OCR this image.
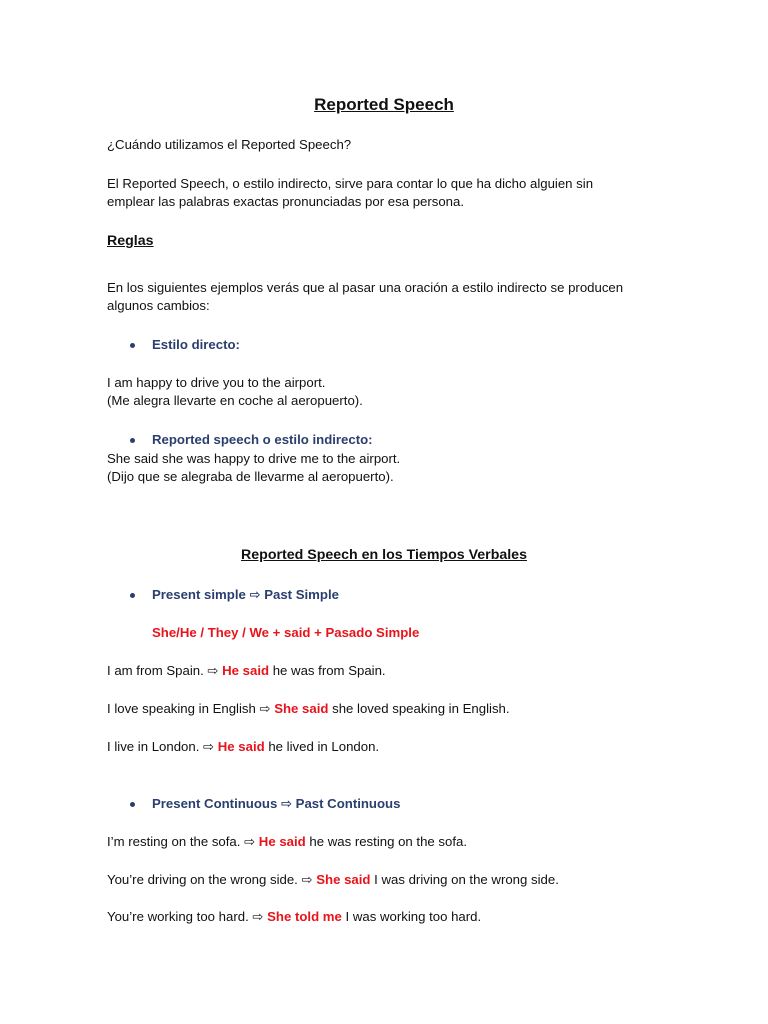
Reported Speech
¿Cuándo utilizamos el Reported Speech?
El Reported Speech, o estilo indirecto, sirve para contar lo que ha dicho alguien sin
emplear las palabras exactas pronunciadas por esa persona.
Reglas
En los siguientes ejemplos verás que al pasar una oración a estilo indirecto se producen
algunos cambios:
Estilo directo:
I am happy to drive you to the airport.
(Me alegra llevarte en coche al aeropuerto).
Reported speech o estilo indirecto:
She said she was happy to drive me to the airport.
(Dijo que se alegraba de llevarme al aeropuerto).
Reported Speech en los Tiempos Verbales
Present simple ⇨ Past Simple
She/He / They / We + said + Pasado Simple
I am from Spain. ⇨ He said he was from Spain.
I love speaking in English ⇨ She said she loved speaking in English.
I live in London. ⇨ He said he lived in London.
Present Continuous ⇨ Past Continuous
I’m resting on the sofa. ⇨ He said he was resting on the sofa.
You’re driving on the wrong side. ⇨ She said I was driving on the wrong side.
You’re working too hard. ⇨ She told me I was working too hard.
